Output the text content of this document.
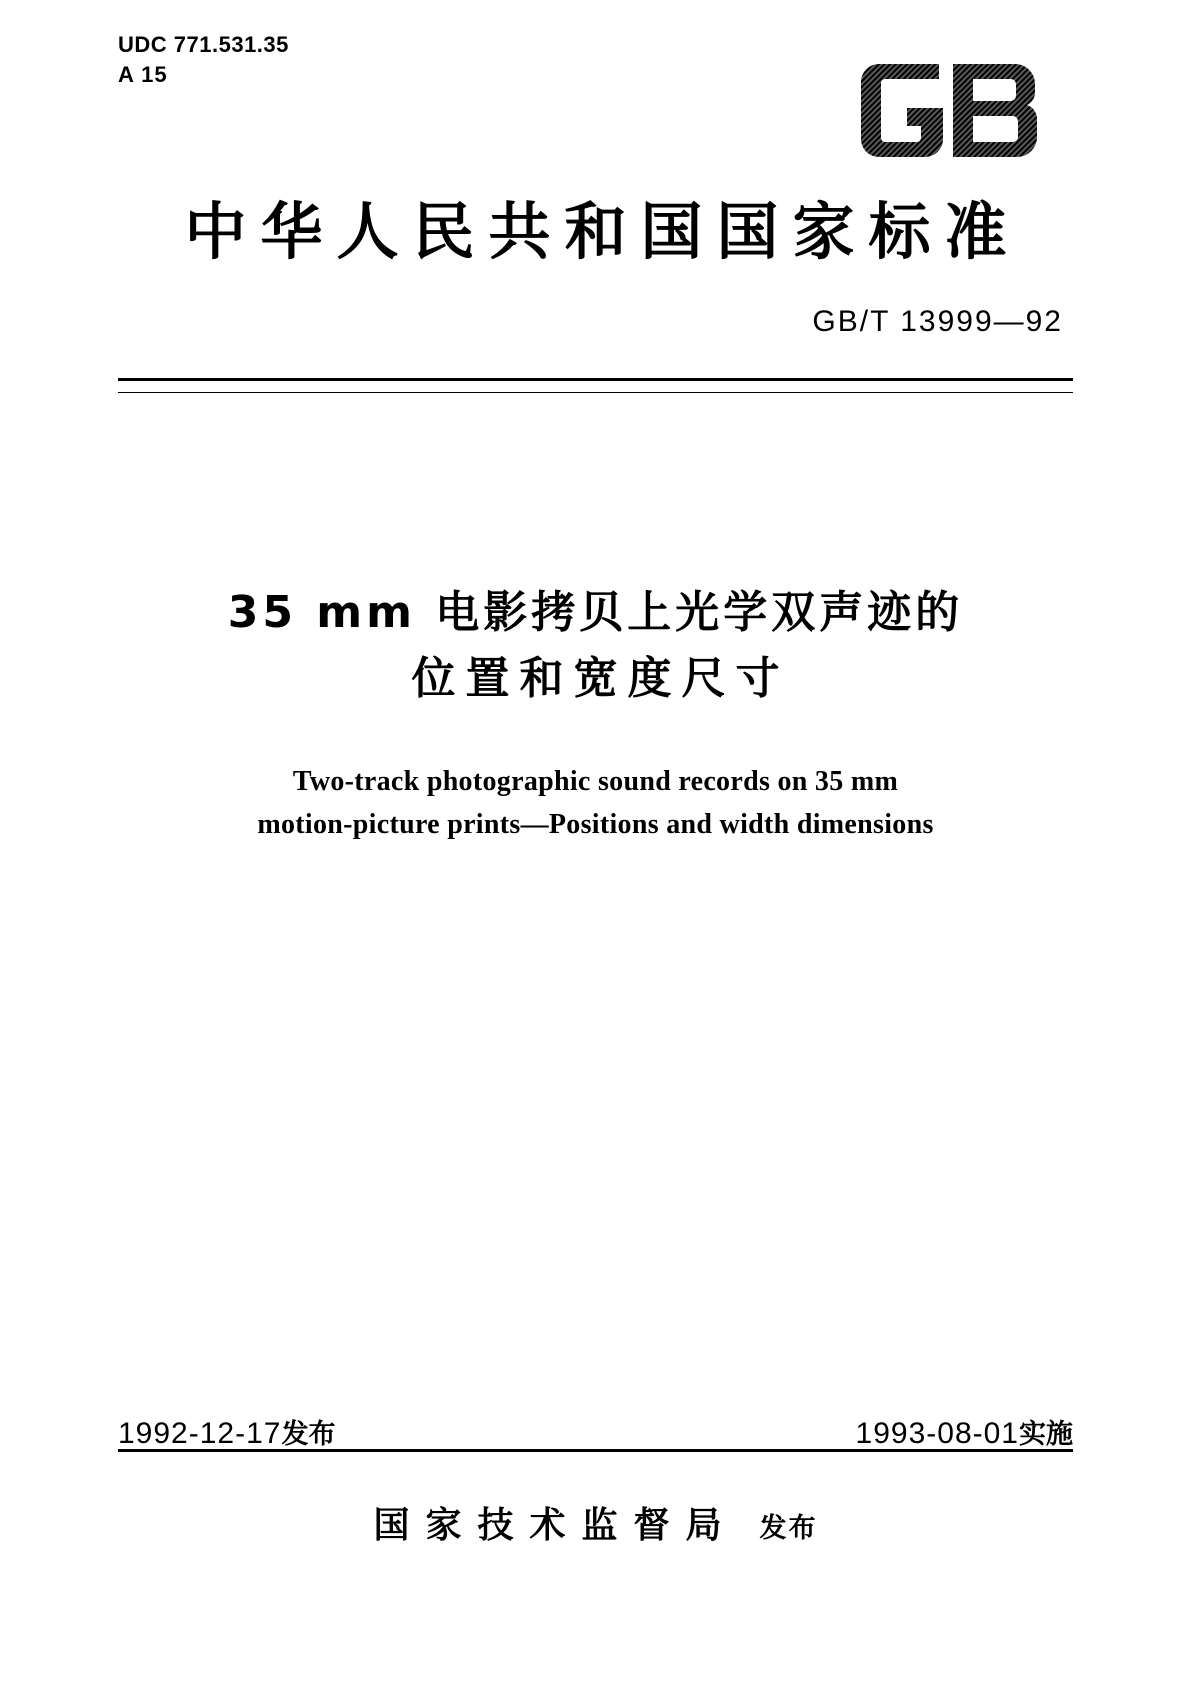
UDC 771.531.35
A 15
中华人民共和国国家标准
GB/T 13999—92
35 mm 电影拷贝上光学双声迹的
位置和宽度尺寸
Two-track photographic sound records on 35 mm
motion-picture prints—Positions and width dimensions
1992-12-17发布	1993-08-01实施
国家技术监督局 发布
